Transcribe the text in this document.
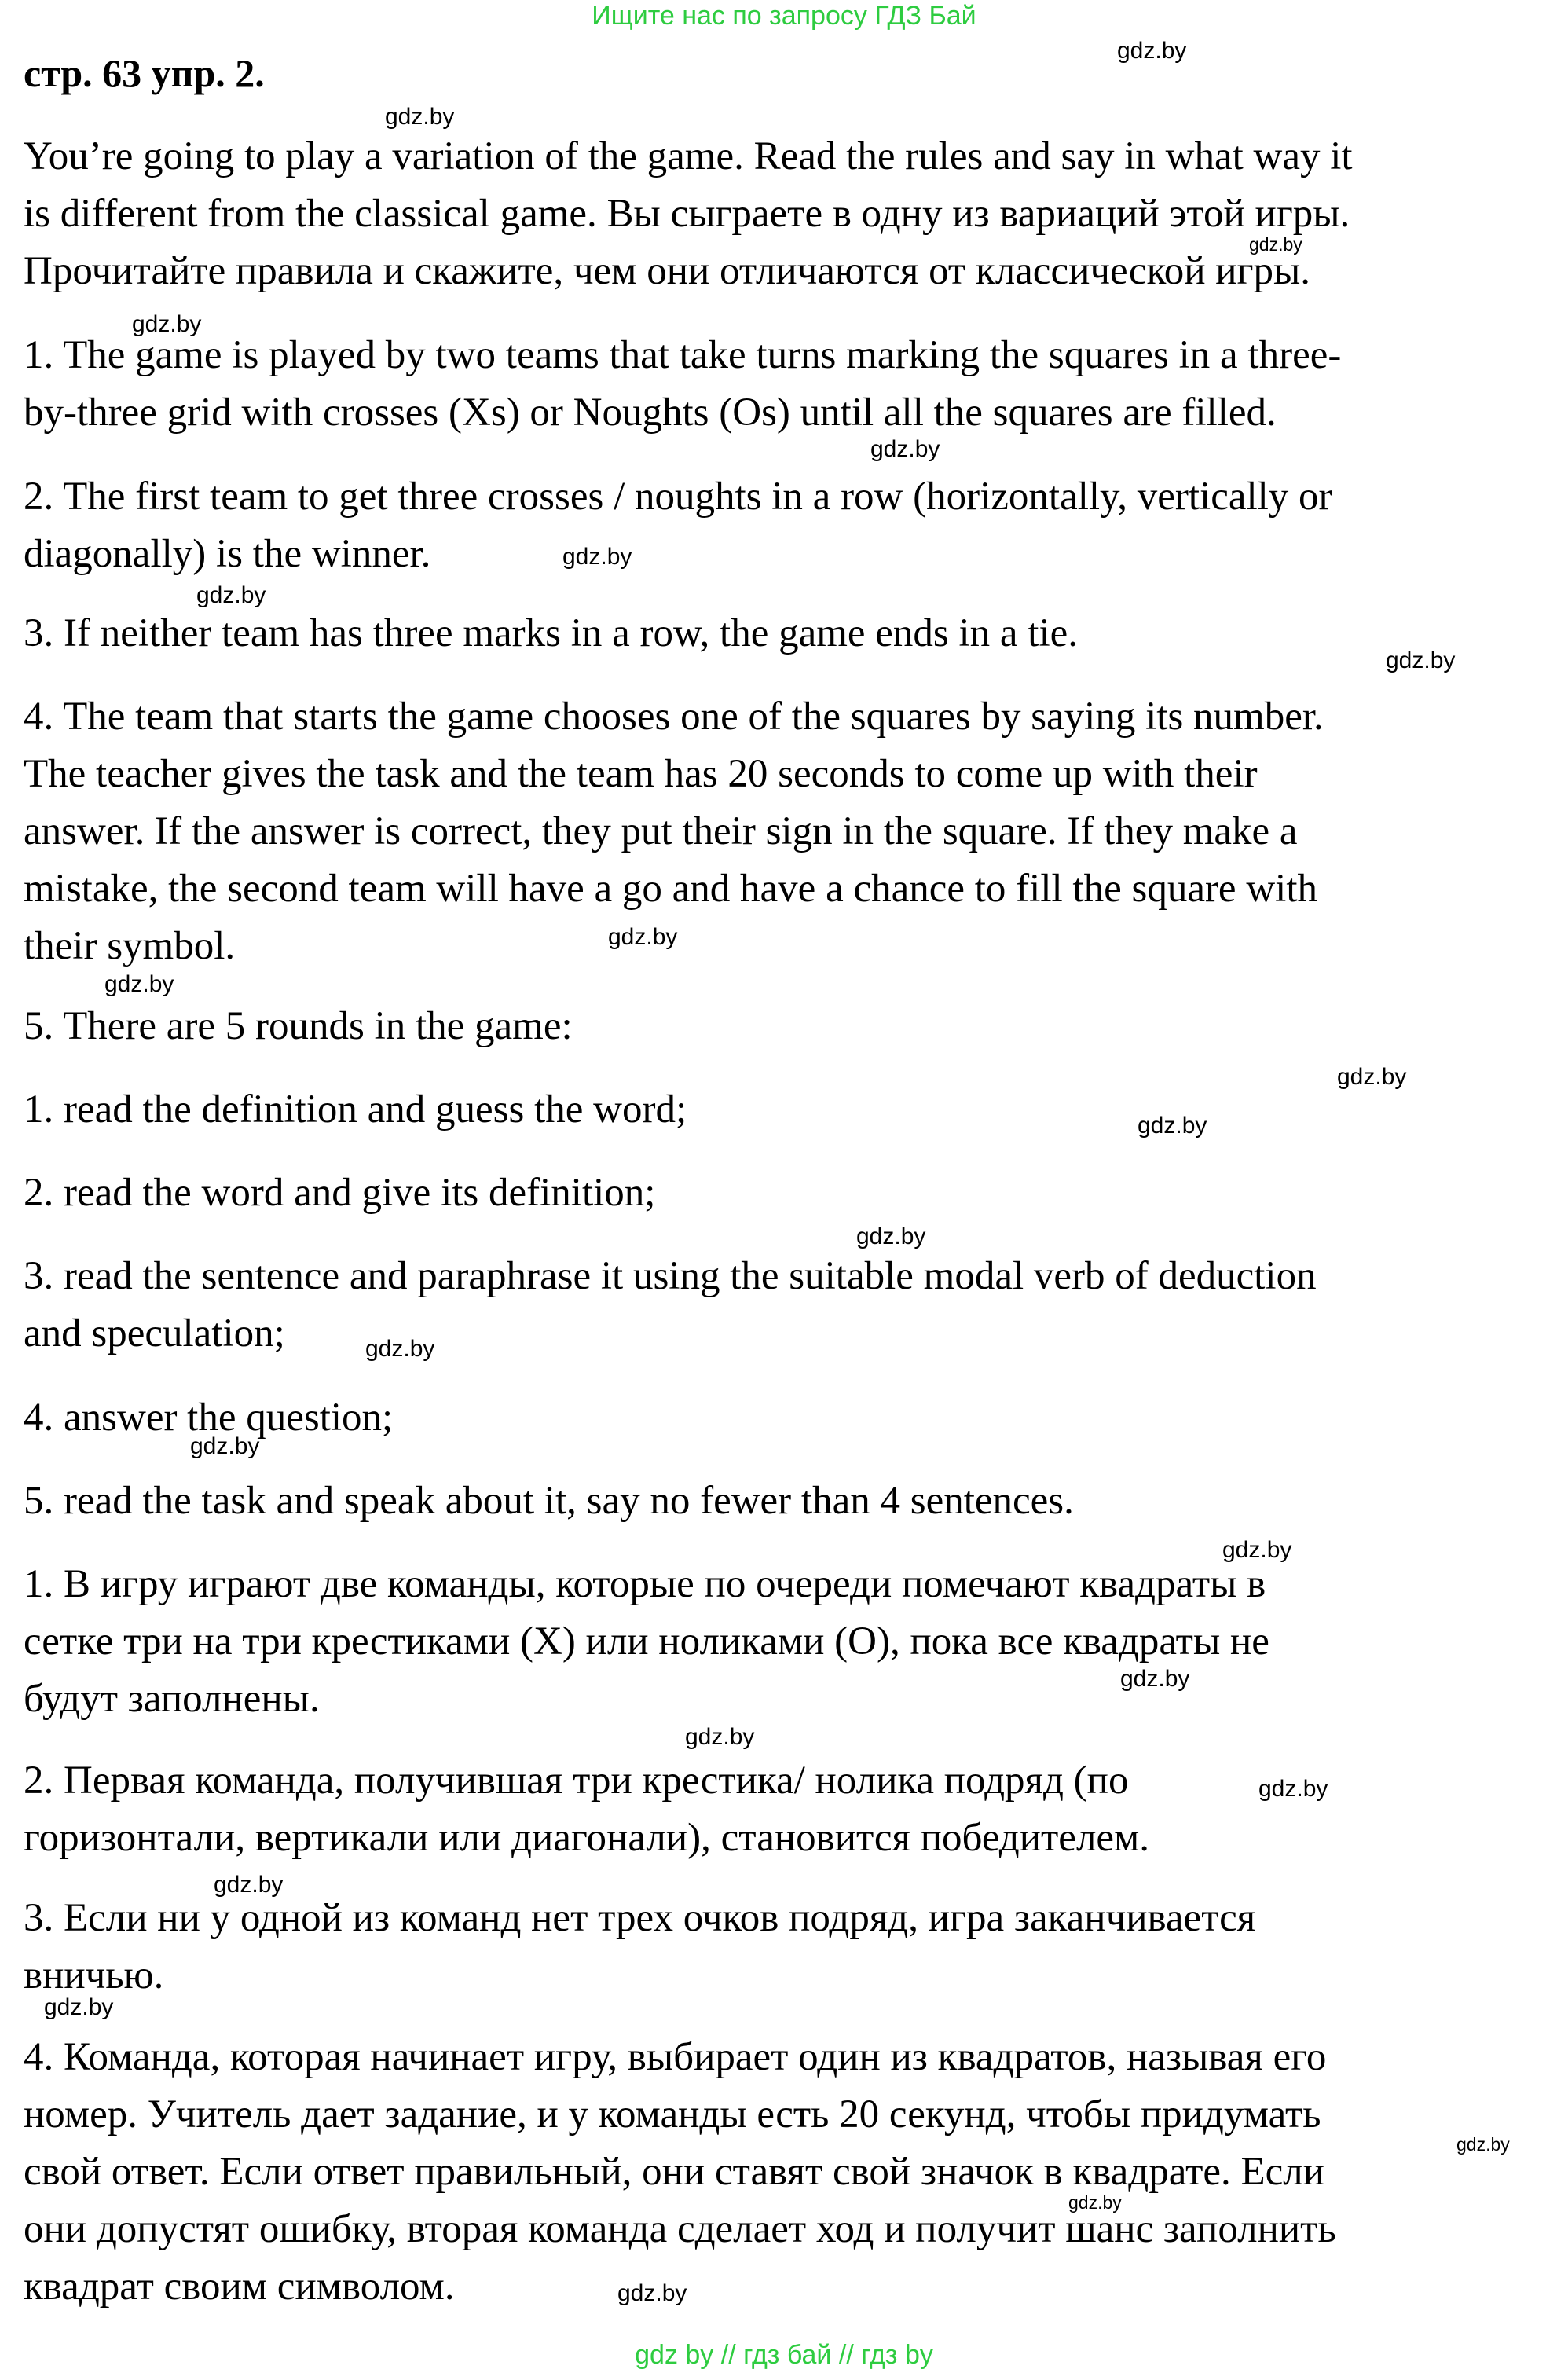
Ищите нас по запросу ГДЗ Бай
стр. 63 упр. 2.
You’re going to play a variation of the game. Read the rules and say in what way it
is different from the classical game. Вы сыграете в одну из вариаций этой игры.
Прочитайте правила и скажите, чем они отличаются от классической игры.
1. The game is played by two teams that take turns marking the squares in a three-
by-three grid with crosses (Xs) or Noughts (Os) until all the squares are filled.
2. The first team to get three crosses / noughts in a row (horizontally, vertically or
diagonally) is the winner.
3. If neither team has three marks in a row, the game ends in a tie.
4. The team that starts the game chooses one of the squares by saying its number.
The teacher gives the task and the team has 20 seconds to come up with their
answer. If the answer is correct, they put their sign in the square. If they make a
mistake, the second team will have a go and have a chance to fill the square with
their symbol.
5. There are 5 rounds in the game:
1. read the definition and guess the word;
2. read the word and give its definition;
3. read the sentence and paraphrase it using the suitable modal verb of deduction
and speculation;
4. answer the question;
5. read the task and speak about it, say no fewer than 4 sentences.
1. В игру играют две команды, которые по очереди помечают квадраты в
сетке три на три крестиками (Х) или ноликами (О), пока все квадраты не
будут заполнены.
2. Первая команда, получившая три крестика/ нолика подряд (по
горизонтали, вертикали или диагонали), становится победителем.
3. Если ни у одной из команд нет трех очков подряд, игра заканчивается
вничью.
4. Команда, которая начинает игру, выбирает один из квадратов, называя его
номер. Учитель дает задание, и у команды есть 20 секунд, чтобы придумать
свой ответ. Если ответ правильный, они ставят свой значок в квадрате. Если
они допустят ошибку, вторая команда сделает ход и получит шанс заполнить
квадрат своим символом.
gdz.by
gdz.by
gdz.by
gdz.by
gdz.by
gdz.by
gdz.by
gdz.by
gdz.by
gdz.by
gdz.by
gdz.by
gdz.by
gdz.by
gdz.by
gdz.by
gdz.by
gdz.by
gdz.by
gdz.by
gdz.by
gdz.by
gdz.by
gdz.by
gdz by // гдз бай // гдз by
